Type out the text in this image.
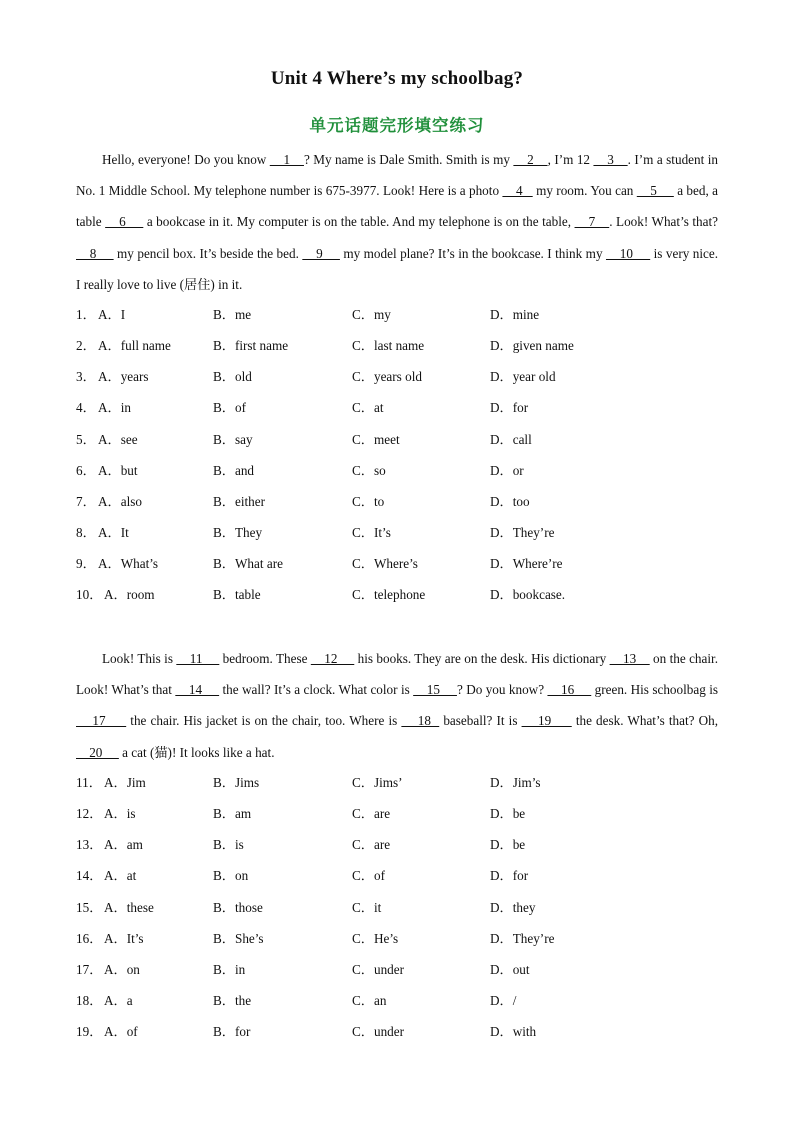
Unit 4 Where’s my schoolbag?
单元话题完形填空练习
Hello, everyone! Do you know     1    ? My name is Dale Smith. Smith is my     2    , I’m 12     3    . I’m a student in No. 1 Middle School. My telephone number is 675-3977. Look! Here is a photo     4    my room. You can     5      a bed, a table     6      a bookcase in it. My computer is on the table. And my telephone is on the table,     7    . Look! What’s that?     8      my pencil box. It’s beside the bed.     9      my model plane? It’s in the bookcase. I think my     10      is very nice. I really love to live (居住) in it.
1． A．I	B．me	C．my	D．mine
2． A．full name	B．first name	C．last name	D．given name
3． A．years	B．old	C．years old	D．year old
4． A．in	B．of	C．at	D．for
5． A．see	B．say	C．meet	D．call
6． A．but	B．and	C．so	D．or
7． A．also	B．either	C．to	D．too
8． A．It	B．They	C．It’s	D．They’re
9． A．What’s	B．What are	C．Where’s	D．Where’re
10． A．room	B．table	C．telephone	D．bookcase.
Look! This is     11      bedroom. These     12      his books. They are on the desk. His dictionary     13     on the chair. Look! What’s that     14      the wall? It’s a clock. What color is     15     ? Do you know?     16      green. His schoolbag is     17      the chair. His jacket is on the chair, too. Where is     18   baseball? It is     19      the desk. What’s that? Oh,     20      a cat (猫)! It looks like a hat.
11． A．Jim	B．Jims	C．Jims’	D．Jim’s
12． A．is	B．am	C．are	D．be
13． A．am	B．is	C．are	D．be
14． A．at	B．on	C．of	D．for
15． A．these	B．those	C．it	D．they
16． A．It’s	B．She’s	C．He’s	D．They’re
17． A．on	B．in	C．under	D．out
18． A．a	B．the	C．an	D．/
19． A．of	B．for	C．under	D．with
